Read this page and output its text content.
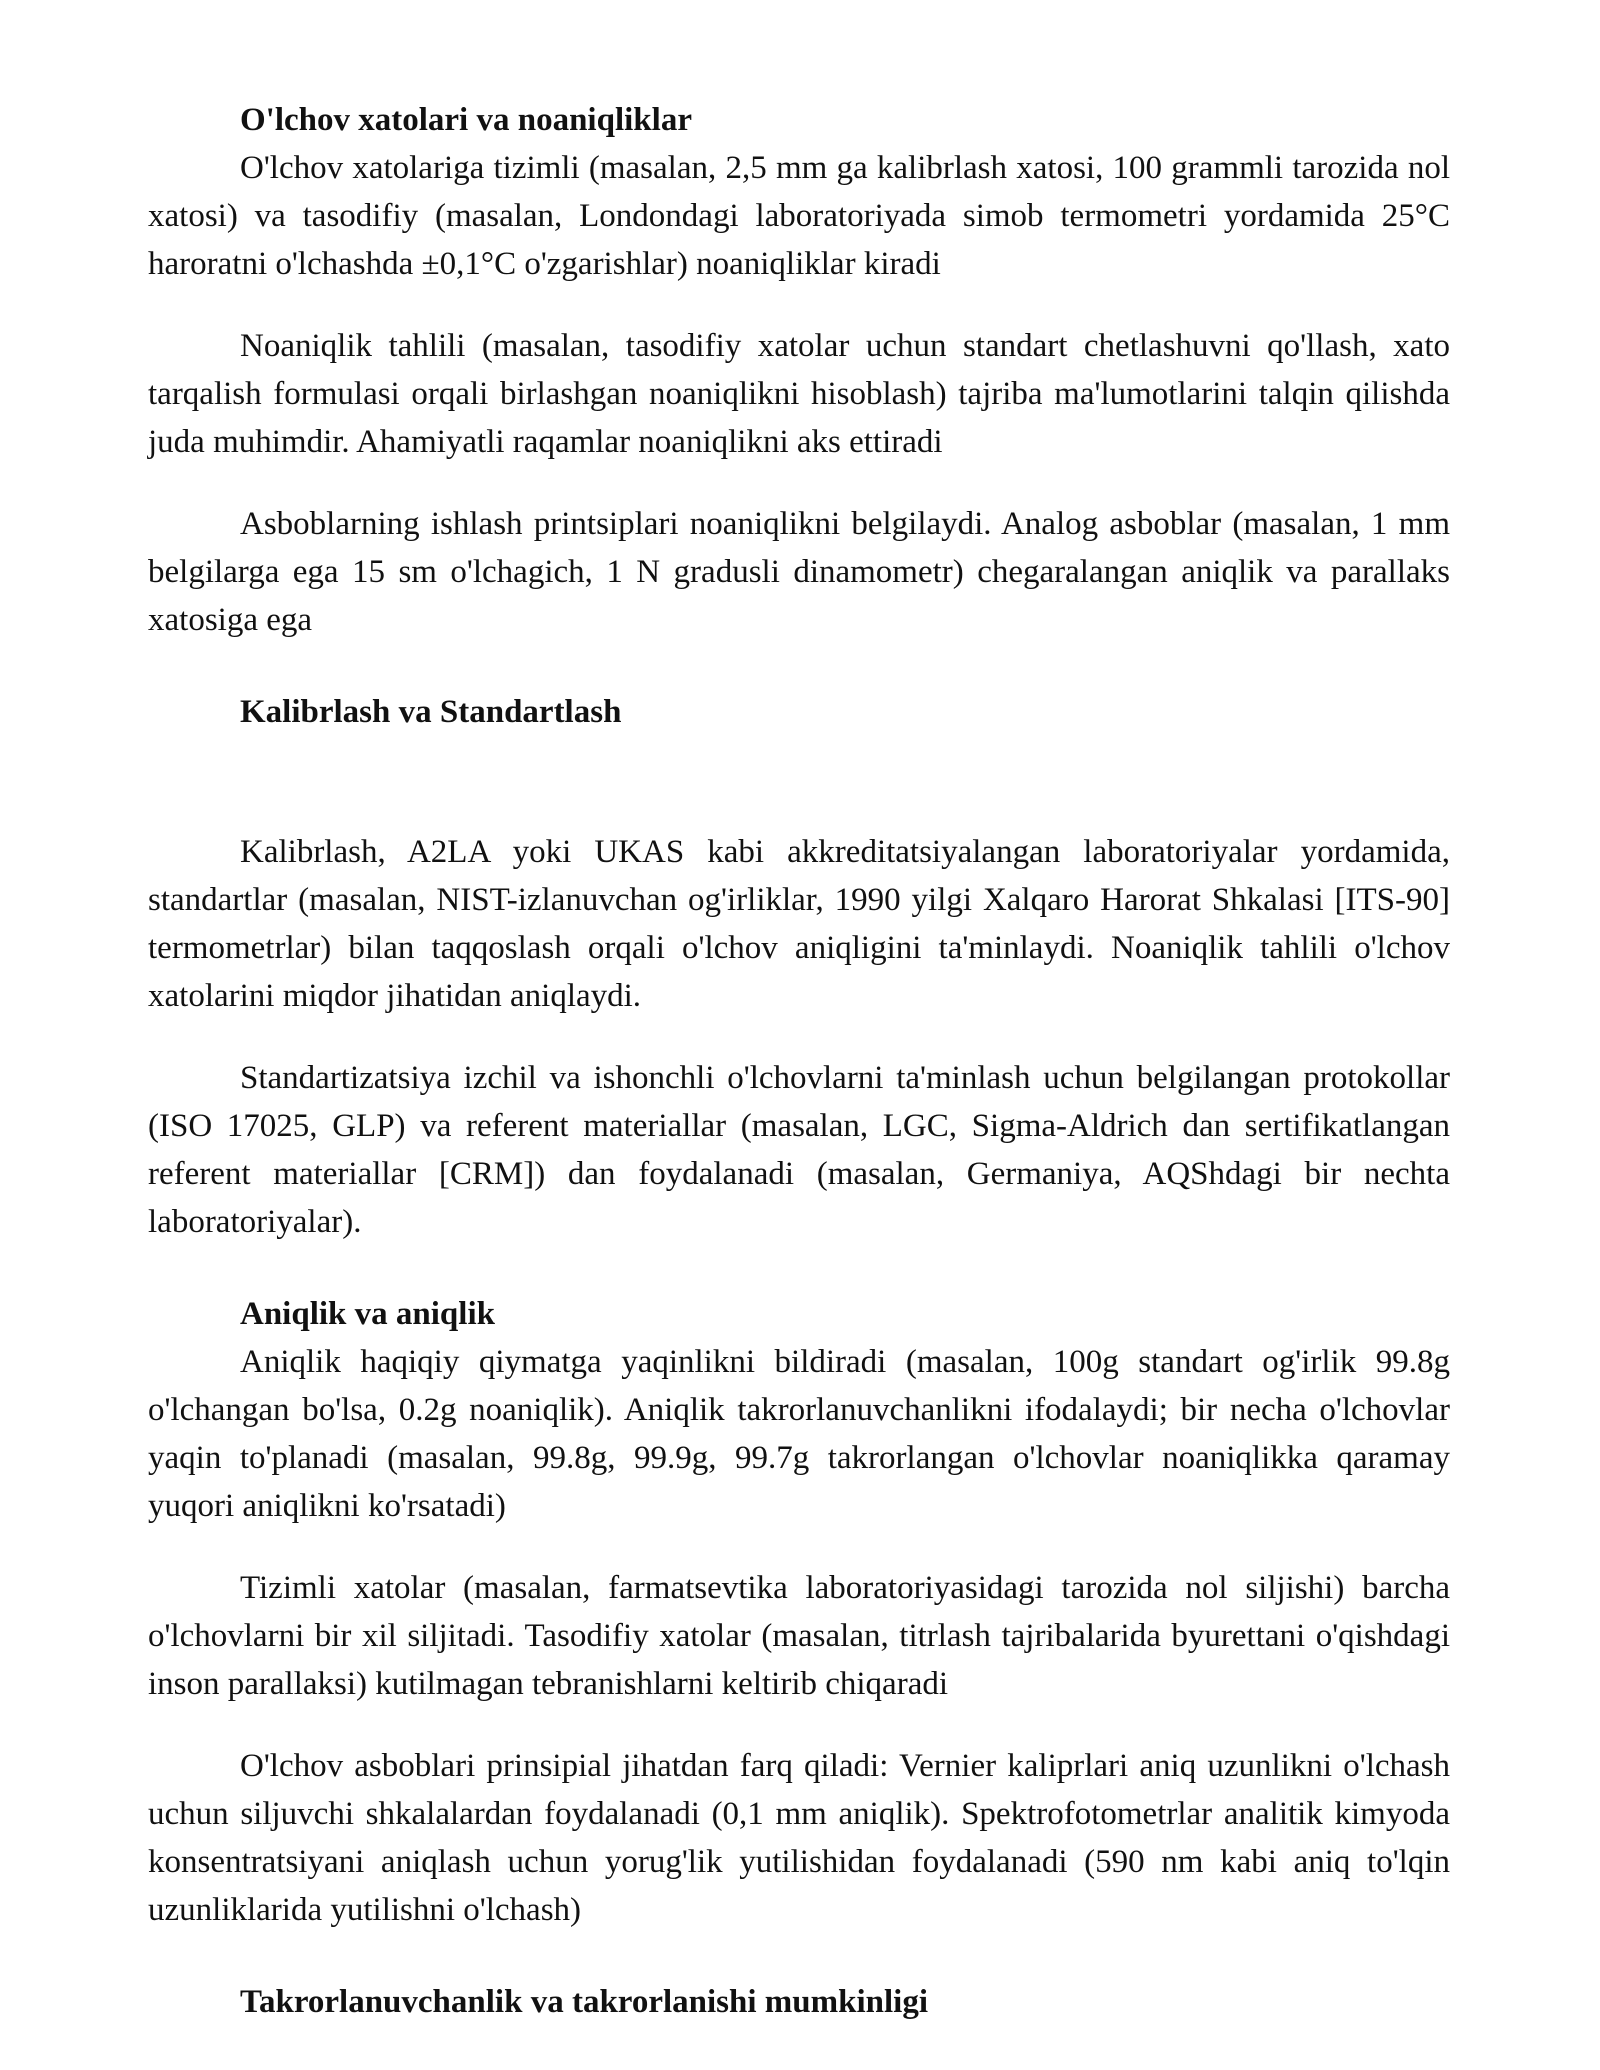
O'lchov xatolari va noaniqliklar

O'lchov xatolariga tizimli (masalan, 2,5 mm ga kalibrlash xatosi, 100 grammli tarozida nol xatosi) va tasodifiy (masalan, Londondagi laboratoriyada simob termometri yordamida 25°C haroratni o'lchashda ±0,1°C o'zgarishlar) noaniqliklar kiradi

Noaniqlik tahlili (masalan, tasodifiy xatolar uchun standart chetlashuvni qo'llash, xato tarqalish formulasi orqali birlashgan noaniqlikni hisoblash) tajriba ma'lumotlarini talqin qilishda juda muhimdir. Ahamiyatli raqamlar noaniqlikni aks ettiradi

Asboblarning ishlash printsiplari noaniqlikni belgilaydi. Analog asboblar (masalan, 1 mm belgilarga ega 15 sm o'lchagich, 1 N gradusli dinamometr) chegaralangan aniqlik va parallaks xatosiga ega

Kalibrlash va Standartlash

Kalibrlash, A2LA yoki UKAS kabi akkreditatsiyalangan laboratoriyalar yordamida, standartlar (masalan, NIST-izlanuvchan og'irliklar, 1990 yilgi Xalqaro Harorat Shkalasi [ITS-90] termometrlar) bilan taqqoslash orqali o'lchov aniqligini ta'minlaydi. Noaniqlik tahlili o'lchov xatolarini miqdor jihatidan aniqlaydi.

Standartizatsiya izchil va ishonchli o'lchovlarni ta'minlash uchun belgilangan protokollar (ISO 17025, GLP) va referent materiallar (masalan, LGC, Sigma-Aldrich dan sertifikatlangan referent materiallar [CRM]) dan foydalanadi (masalan, Germaniya, AQShdagi bir nechta laboratoriyalar).

Aniqlik va aniqlik

Aniqlik haqiqiy qiymatga yaqinlikni bildiradi (masalan, 100g standart og'irlik 99.8g o'lchangan bo'lsa, 0.2g noaniqlik). Aniqlik takrorlanuvchanlikni ifodalaydi; bir necha o'lchovlar yaqin to'planadi (masalan, 99.8g, 99.9g, 99.7g takrorlangan o'lchovlar noaniqlikka qaramay yuqori aniqlikni ko'rsatadi)

Tizimli xatolar (masalan, farmatsevtika laboratoriyasidagi tarozida nol siljishi) barcha o'lchovlarni bir xil siljitadi. Tasodifiy xatolar (masalan, titrlash tajribalarida byurettani o'qishdagi inson parallaksi) kutilmagan tebranishlarni keltirib chiqaradi

O'lchov asboblari prinsipial jihatdan farq qiladi: Vernier kaliprlari aniq uzunlikni o'lchash uchun siljuvchi shkalalardan foydalanadi (0,1 mm aniqlik). Spektrofotometrlar analitik kimyoda konsentratsiyani aniqlash uchun yorug'lik yutilishidan foydalanadi (590 nm kabi aniq to'lqin uzunliklarida yutilishni o'lchash)

Takrorlanuvchanlik va takrorlanishi mumkinligi
